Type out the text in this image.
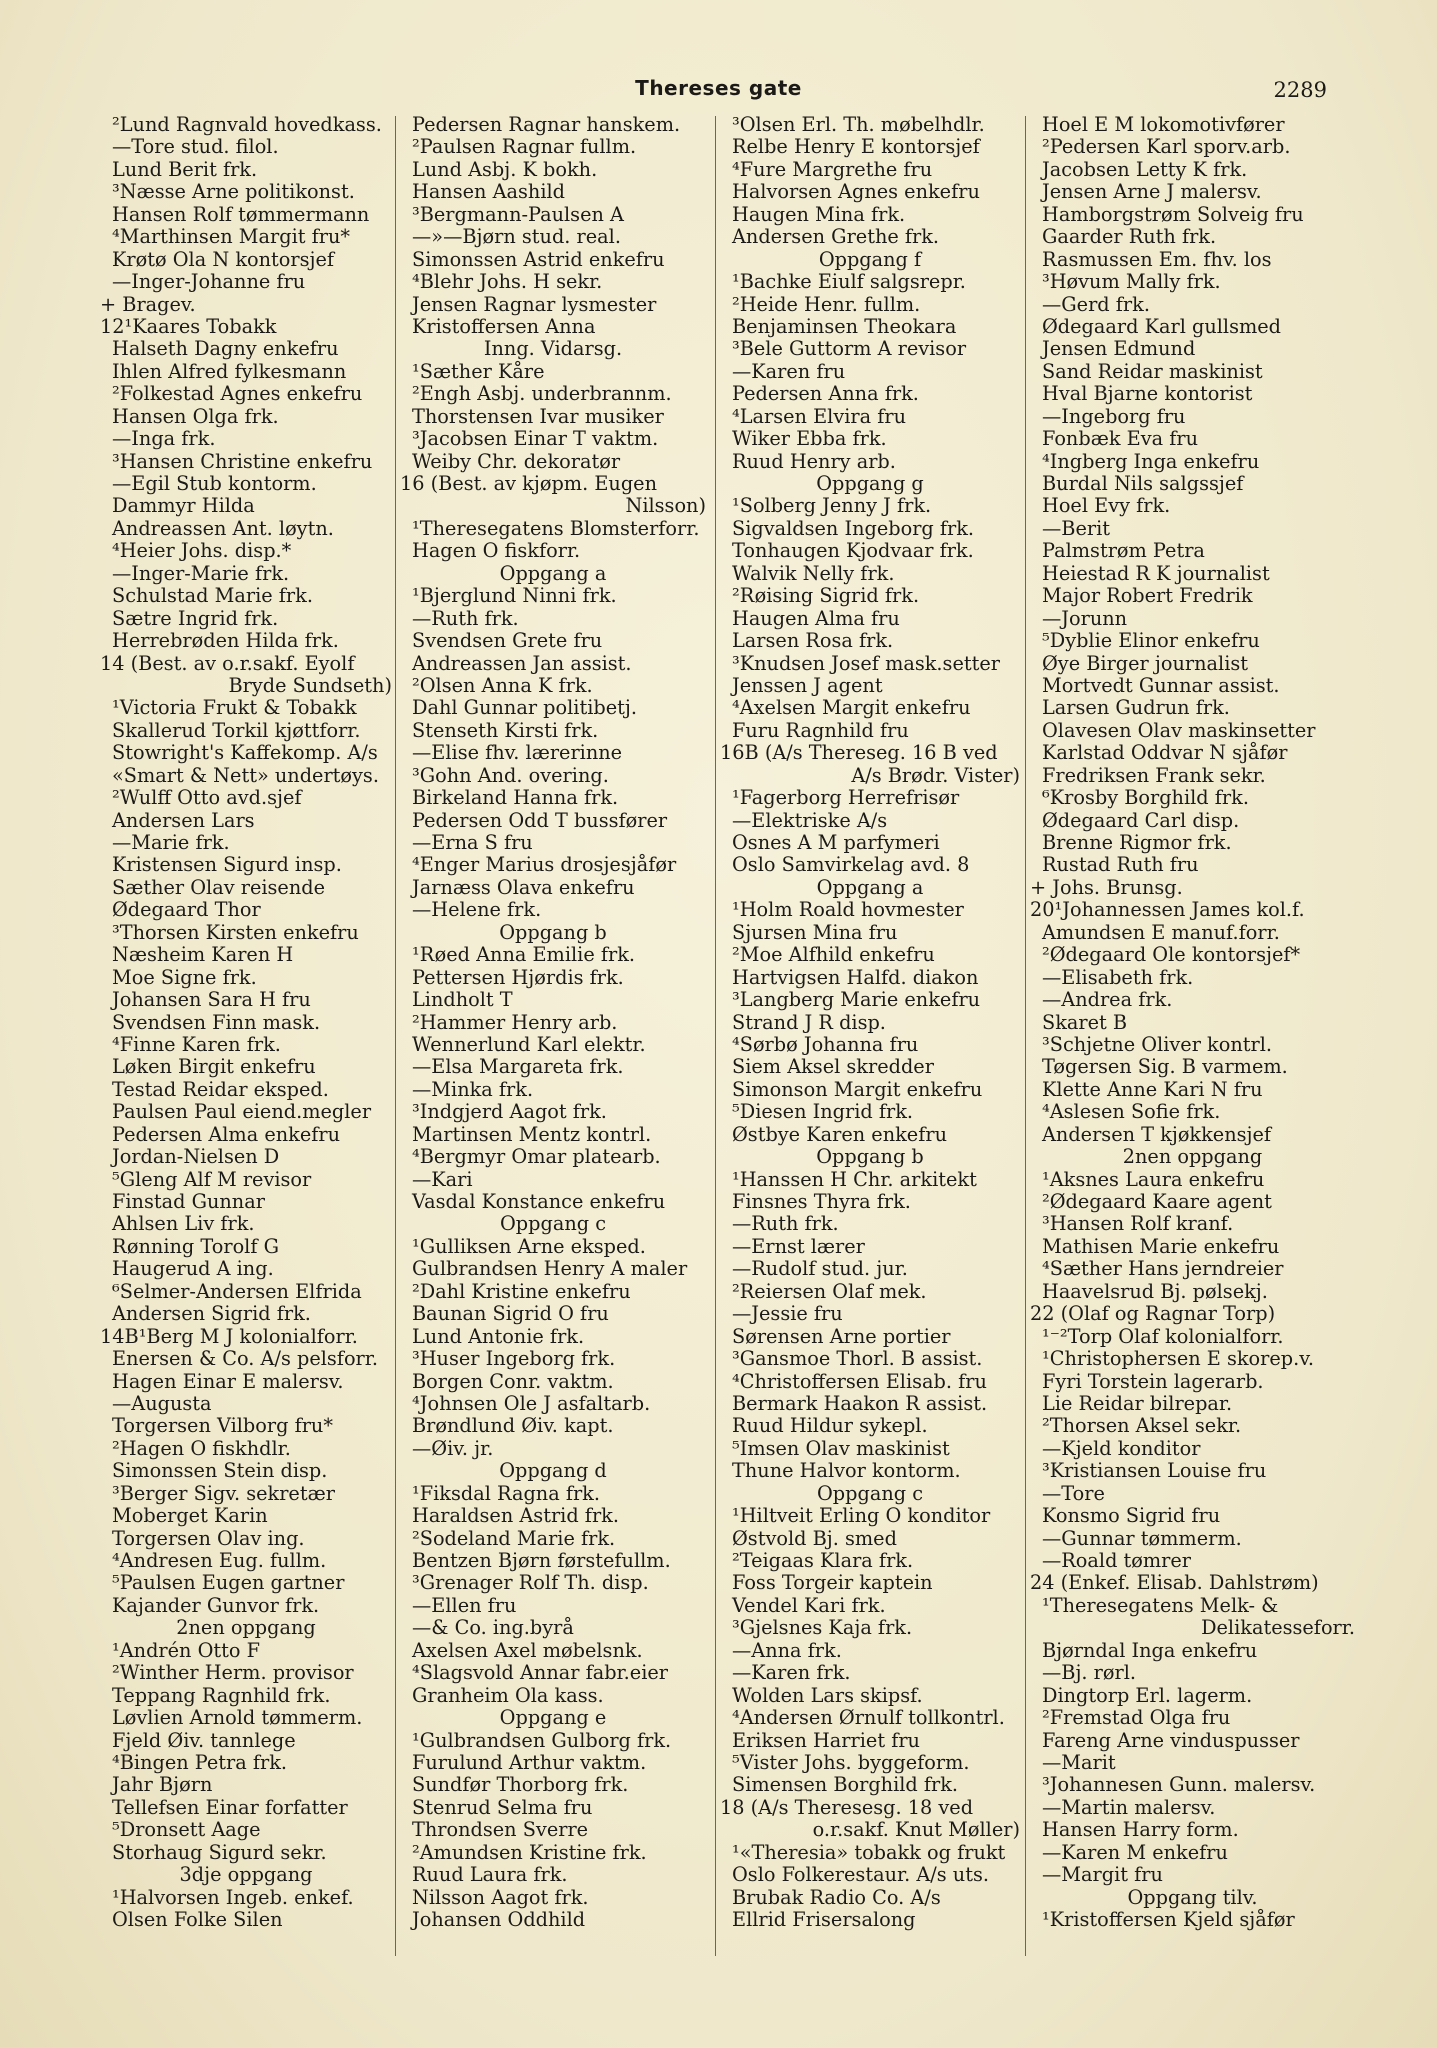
Thereses gate	2289
²Lund Ragnvald hovedkass.
—Tore stud. filol.
Lund Berit frk.
³Næsse Arne politikonst.
Hansen Rolf tømmermann
⁴Marthinsen Margit fru*
Krøtø Ola N kontorsjef
—Inger-Johanne fru
+ Bragev.
12¹Kaares Tobakk
Halseth Dagny enkefru
Ihlen Alfred fylkesmann
²Folkestad Agnes enkefru
Hansen Olga frk.
—Inga frk.
³Hansen Christine enkefru
—Egil Stub kontorm.
Dammyr Hilda
Andreassen Ant. løytn.
⁴Heier Johs. disp.*
—Inger-Marie frk.
Schulstad Marie frk.
Sætre Ingrid frk.
Herrebrøden Hilda frk.
14 (Best. av o.r.sakf. Eyolf
Bryde Sundseth)
¹Victoria Frukt & Tobakk
Skallerud Torkil kjøttforr.
Stowright's Kaffekomp. A/s
«Smart & Nett» undertøys.
²Wulff Otto avd.sjef
Andersen Lars
—Marie frk.
Kristensen Sigurd insp.
Sæther Olav reisende
Ødegaard Thor
³Thorsen Kirsten enkefru
Næsheim Karen H
Moe Signe frk.
Johansen Sara H fru
Svendsen Finn mask.
⁴Finne Karen frk.
Løken Birgit enkefru
Testad Reidar eksped.
Paulsen Paul eiend.megler
Pedersen Alma enkefru
Jordan-Nielsen D
⁵Gleng Alf M revisor
Finstad Gunnar
Ahlsen Liv frk.
Rønning Torolf G
Haugerud A ing.
⁶Selmer-Andersen Elfrida
Andersen Sigrid frk.
14B¹Berg M J kolonialforr.
Enersen & Co. A/s pelsforr.
Hagen Einar E malersv.
—Augusta
Torgersen Vilborg fru*
²Hagen O fiskhdlr.
Simonssen Stein disp.
³Berger Sigv. sekretær
Moberget Karin
Torgersen Olav ing.
⁴Andresen Eug. fullm.
⁵Paulsen Eugen gartner
Kajander Gunvor frk.
2nen oppgang
¹Andrén Otto F
²Winther Herm. provisor
Teppang Ragnhild frk.
Løvlien Arnold tømmerm.
Fjeld Øiv. tannlege
⁴Bingen Petra frk.
Jahr Bjørn
Tellefsen Einar forfatter
⁵Dronsett Aage
Storhaug Sigurd sekr.
3dje oppgang
¹Halvorsen Ingeb. enkef.
Olsen Folke Silen
Pedersen Ragnar hanskem.
²Paulsen Ragnar fullm.
Lund Asbj. K bokh.
Hansen Aashild
³Bergmann-Paulsen A
—»—Bjørn stud. real.
Simonssen Astrid enkefru
⁴Blehr Johs. H sekr.
Jensen Ragnar lysmester
Kristoffersen Anna
Inng. Vidarsg.
¹Sæther Kåre
²Engh Asbj. underbrannm.
Thorstensen Ivar musiker
³Jacobsen Einar T vaktm.
Weiby Chr. dekoratør
16 (Best. av kjøpm. Eugen
Nilsson)
¹Theresegatens Blomsterforr.
Hagen O fiskforr.
Oppgang a
¹Bjerglund Ninni frk.
—Ruth frk.
Svendsen Grete fru
Andreassen Jan assist.
²Olsen Anna K frk.
Dahl Gunnar politibetj.
Stenseth Kirsti frk.
—Elise fhv. lærerinne
³Gohn And. overing.
Birkeland Hanna frk.
Pedersen Odd T bussfører
—Erna S fru
⁴Enger Marius drosjesjåfør
Jarnæss Olava enkefru
—Helene frk.
Oppgang b
¹Røed Anna Emilie frk.
Pettersen Hjørdis frk.
Lindholt T
²Hammer Henry arb.
Wennerlund Karl elektr.
—Elsa Margareta frk.
—Minka frk.
³Indgjerd Aagot frk.
Martinsen Mentz kontrl.
⁴Bergmyr Omar platearb.
—Kari
Vasdal Konstance enkefru
Oppgang c
¹Gulliksen Arne eksped.
Gulbrandsen Henry A maler
²Dahl Kristine enkefru
Baunan Sigrid O fru
Lund Antonie frk.
³Huser Ingeborg frk.
Borgen Conr. vaktm.
⁴Johnsen Ole J asfaltarb.
Brøndlund Øiv. kapt.
—Øiv. jr.
Oppgang d
¹Fiksdal Ragna frk.
Haraldsen Astrid frk.
²Sodeland Marie frk.
Bentzen Bjørn førstefullm.
³Grenager Rolf Th. disp.
—Ellen fru
—& Co. ing.byrå
Axelsen Axel møbelsnk.
⁴Slagsvold Annar fabr.eier
Granheim Ola kass.
Oppgang e
¹Gulbrandsen Gulborg frk.
Furulund Arthur vaktm.
Sundfør Thorborg frk.
Stenrud Selma fru
Throndsen Sverre
²Amundsen Kristine frk.
Ruud Laura frk.
Nilsson Aagot frk.
Johansen Oddhild
³Olsen Erl. Th. møbelhdlr.
Relbe Henry E kontorsjef
⁴Fure Margrethe fru
Halvorsen Agnes enkefru
Haugen Mina frk.
Andersen Grethe frk.
Oppgang f
¹Bachke Eiulf salgsrepr.
²Heide Henr. fullm.
Benjaminsen Theokara
³Bele Guttorm A revisor
—Karen fru
Pedersen Anna frk.
⁴Larsen Elvira fru
Wiker Ebba frk.
Ruud Henry arb.
Oppgang g
¹Solberg Jenny J frk.
Sigvaldsen Ingeborg frk.
Tonhaugen Kjodvaar frk.
Walvik Nelly frk.
²Røising Sigrid frk.
Haugen Alma fru
Larsen Rosa frk.
³Knudsen Josef mask.setter
Jenssen J agent
⁴Axelsen Margit enkefru
Furu Ragnhild fru
16B (A/s Thereseg. 16 B ved
A/s Brødr. Vister)
¹Fagerborg Herrefrisør
—Elektriske A/s
Osnes A M parfymeri
Oslo Samvirkelag avd. 8
Oppgang a
¹Holm Roald hovmester
Sjursen Mina fru
²Moe Alfhild enkefru
Hartvigsen Halfd. diakon
³Langberg Marie enkefru
Strand J R disp.
⁴Sørbø Johanna fru
Siem Aksel skredder
Simonson Margit enkefru
⁵Diesen Ingrid frk.
Østbye Karen enkefru
Oppgang b
¹Hanssen H Chr. arkitekt
Finsnes Thyra frk.
—Ruth frk.
—Ernst lærer
—Rudolf stud. jur.
²Reiersen Olaf mek.
—Jessie fru
Sørensen Arne portier
³Gansmoe Thorl. B assist.
⁴Christoffersen Elisab. fru
Bermark Haakon R assist.
Ruud Hildur sykepl.
⁵Imsen Olav maskinist
Thune Halvor kontorm.
Oppgang c
¹Hiltveit Erling O konditor
Østvold Bj. smed
²Teigaas Klara frk.
Foss Torgeir kaptein
Vendel Kari frk.
³Gjelsnes Kaja frk.
—Anna frk.
—Karen frk.
Wolden Lars skipsf.
⁴Andersen Ørnulf tollkontrl.
Eriksen Harriet fru
⁵Vister Johs. byggeform.
Simensen Borghild frk.
18 (A/s Theresesg. 18 ved
o.r.sakf. Knut Møller)
¹«Theresia» tobakk og frukt
Oslo Folkerestaur. A/s uts.
Brubak Radio Co. A/s
Ellrid Frisersalong
Hoel E M lokomotivfører
²Pedersen Karl sporv.arb.
Jacobsen Letty K frk.
Jensen Arne J malersv.
Hamborgstrøm Solveig fru
Gaarder Ruth frk.
Rasmussen Em. fhv. los
³Høvum Mally frk.
—Gerd frk.
Ødegaard Karl gullsmed
Jensen Edmund
Sand Reidar maskinist
Hval Bjarne kontorist
—Ingeborg fru
Fonbæk Eva fru
⁴Ingberg Inga enkefru
Burdal Nils salgssjef
Hoel Evy frk.
—Berit
Palmstrøm Petra
Heiestad R K journalist
Major Robert Fredrik
—Jorunn
⁵Dyblie Elinor enkefru
Øye Birger journalist
Mortvedt Gunnar assist.
Larsen Gudrun frk.
Olavesen Olav maskinsetter
Karlstad Oddvar N sjåfør
Fredriksen Frank sekr.
⁶Krosby Borghild frk.
Ødegaard Carl disp.
Brenne Rigmor frk.
Rustad Ruth fru
+ Johs. Brunsg.
20¹Johannessen James kol.f.
Amundsen E manuf.forr.
²Ødegaard Ole kontorsjef*
—Elisabeth frk.
—Andrea frk.
Skaret B
³Schjetne Oliver kontrl.
Tøgersen Sig. B varmem.
Klette Anne Kari N fru
⁴Aslesen Sofie frk.
Andersen T kjøkkensjef
2nen oppgang
¹Aksnes Laura enkefru
²Ødegaard Kaare agent
³Hansen Rolf kranf.
Mathisen Marie enkefru
⁴Sæther Hans jerndreier
Haavelsrud Bj. pølsekj.
22 (Olaf og Ragnar Torp)
¹⁻²Torp Olaf kolonialforr.
¹Christophersen E skorep.v.
Fyri Torstein lagerarb.
Lie Reidar bilrepar.
²Thorsen Aksel sekr.
—Kjeld konditor
³Kristiansen Louise fru
—Tore
Konsmo Sigrid fru
—Gunnar tømmerm.
—Roald tømrer
24 (Enkef. Elisab. Dahlstrøm)
¹Theresegatens Melk- &
Delikatesseforr.
Bjørndal Inga enkefru
—Bj. rørl.
Dingtorp Erl. lagerm.
²Fremstad Olga fru
Fareng Arne vinduspusser
—Marit
³Johannesen Gunn. malersv.
—Martin malersv.
Hansen Harry form.
—Karen M enkefru
—Margit fru
Oppgang tilv.
¹Kristoffersen Kjeld sjåfør
